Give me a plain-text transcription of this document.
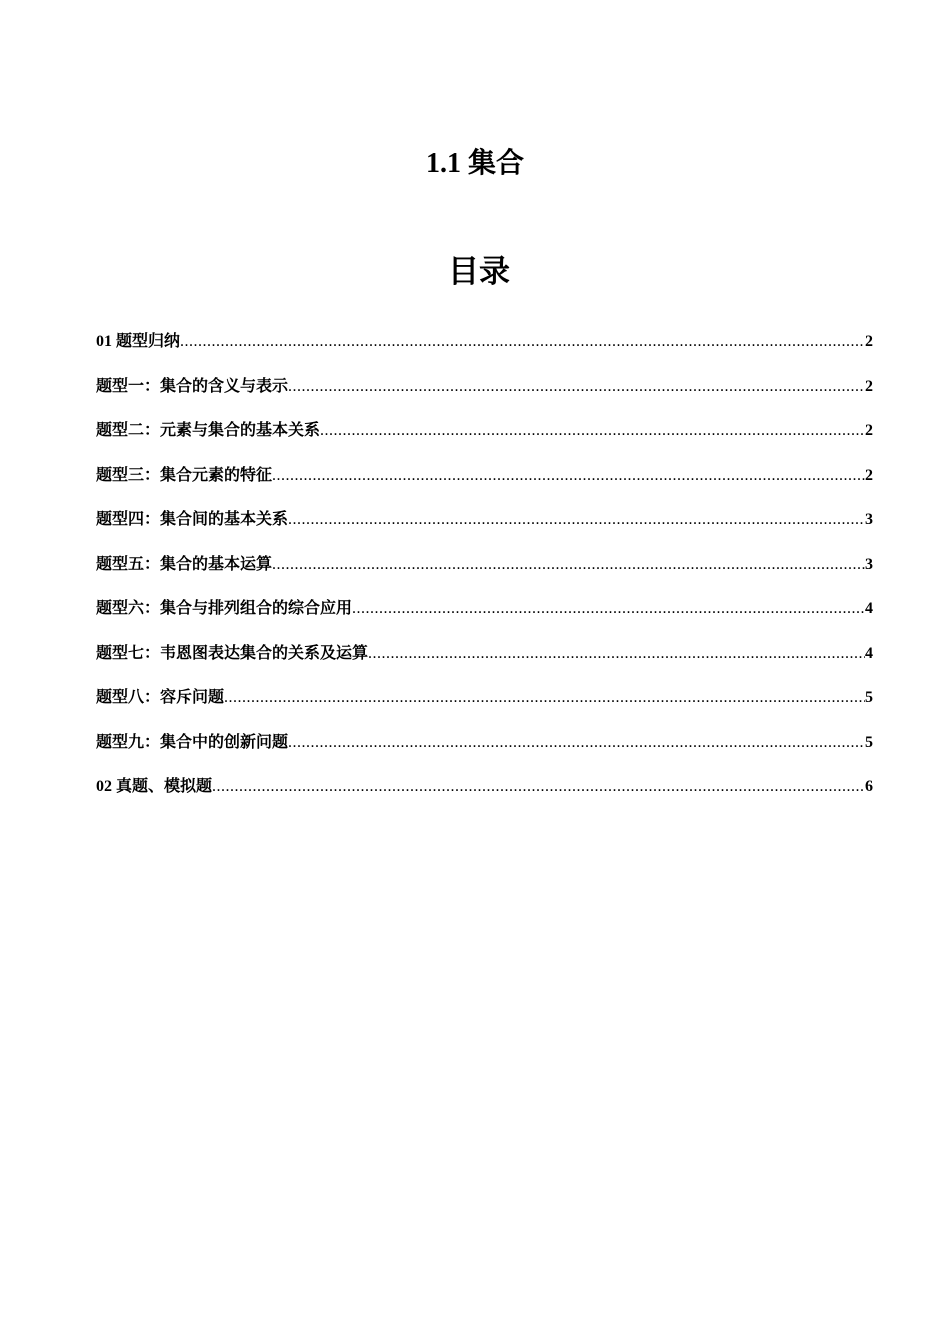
1.1 集合
目录
01 题型归纳 .....	2
题型一：集合的含义与表示 .....	2
题型二：元素与集合的基本关系 .....	2
题型三：集合元素的特征 .....	2
题型四：集合间的基本关系 .....	3
题型五：集合的基本运算 .....	3
题型六：集合与排列组合的综合应用 .....	4
题型七：韦恩图表达集合的关系及运算 .....	4
题型八：容斥问题 .....	5
题型九：集合中的创新问题 .....	5
02 真题、模拟题 .....	6
